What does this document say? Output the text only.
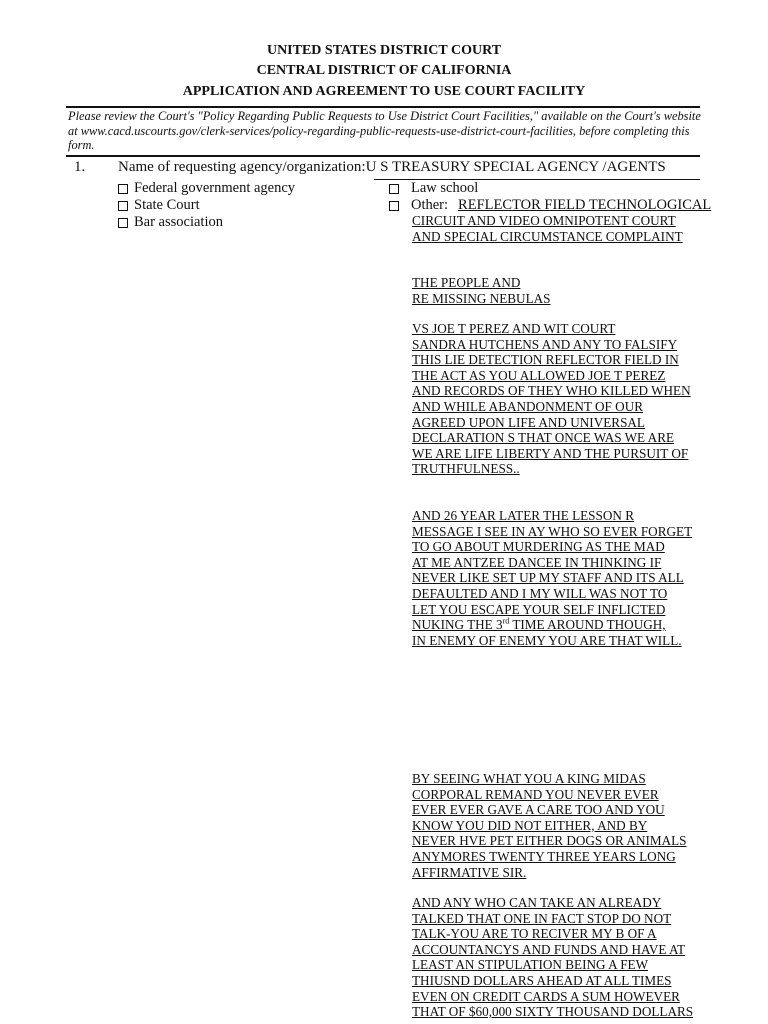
UNITED STATES DISTRICT COURT
CENTRAL DISTRICT OF CALIFORNIA
APPLICATION AND AGREEMENT TO USE COURT FACILITY
Please review the Court's "Policy Regarding Public Requests to Use District Court Facilities," available on the Court's website at www.cacd.uscourts.gov/clerk-services/policy-regarding-public-requests-use-district-court-facilities, before completing this form.
1. Name of requesting agency/organization:U S TREASURY SPECIAL AGENCY /AGENTS
Federal government agency
State Court
Bar association
Law school
Other: REFLECTOR FIELD TECHNOLOGICAL
CIRCUIT AND VIDEO OMNIPOTENT COURT
AND SPECIAL CIRCUMSTANCE COMPLAINT
THE PEOPLE AND
RE MISSING NEBULAS
VS JOE T PEREZ AND WIT COURT
SANDRA HUTCHENS AND ANY TO FALSIFY
THIS LIE DETECTION REFLECTOR FIELD IN
THE ACT AS YOU ALLOWED JOE T PEREZ
AND RECORDS OF THEY WHO KILLED WHEN
AND WHILE ABANDONMENT OF OUR
AGREED UPON LIFE AND UNIVERSAL
DECLARATION S THAT ONCE WAS WE ARE
WE ARE LIFE LIBERTY AND THE PURSUIT OF
TRUTHFULNESS..
AND 26 YEAR LATER THE LESSON R
MESSAGE I SEE IN AY WHO SO EVER FORGET
TO GO ABOUT MURDERING AS THE MAD
AT ME ANTZEE DANCEE IN THINKING IF
NEVER LIKE SET UP MY STAFF AND ITS ALL
DEFAULTED AND I MY WILL WAS NOT TO
LET YOU ESCAPE YOUR SELF INFLICTED
NUKING THE 3rd TIME AROUND THOUGH,
IN ENEMY OF ENEMY YOU ARE THAT WILL.
BY SEEING WHAT YOU A KING MIDAS
CORPORAL REMAND YOU NEVER EVER
EVER EVER GAVE A CARE TOO AND YOU
KNOW YOU DID NOT EITHER, AND BY
NEVER HVE PET EITHER DOGS OR ANIMALS
ANYMORES TWENTY THREE YEARS LONG
AFFIRMATIVE SIR.
AND ANY WHO CAN TAKE AN ALREADY
TALKED THAT ONE IN FACT STOP DO NOT
TALK-YOU ARE TO RECIVER MY B OF A
ACCOUNTANCYS AND FUNDS AND HAVE AT
LEAST AN STIPULATION BEING A FEW
THIUSND DOLLARS AHEAD AT ALL TIMES
EVEN ON CREDIT CARDS A SUM HOWEVER
THAT OF $60,000 SIXTY THOUSAND DOLLARS
